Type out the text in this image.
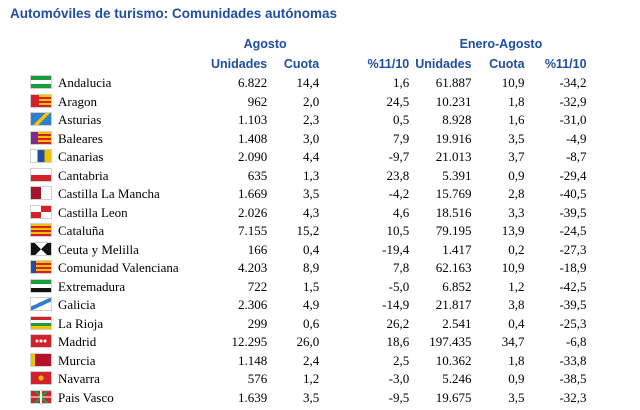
Automóviles de turismo: Comunidades autónomas
	Agosto			Enero-Agosto		
	Unidades	Cuota	%11/10	Unidades	Cuota	%11/10
Andalucia	6.822	14,4	1,6	61.887	10,9	-34,2
Aragon	962	2,0	24,5	10.231	1,8	-32,9
Asturias	1.103	2,3	0,5	8.928	1,6	-31,0
Baleares	1.408	3,0	7,9	19.916	3,5	-4,9
Canarias	2.090	4,4	-9,7	21.013	3,7	-8,7
Cantabria	635	1,3	23,8	5.391	0,9	-29,4
Castilla La Mancha	1.669	3,5	-4,2	15.769	2,8	-40,5
Castilla Leon	2.026	4,3	4,6	18.516	3,3	-39,5
Cataluña	7.155	15,2	10,5	79.195	13,9	-24,5
Ceuta y Melilla	166	0,4	-19,4	1.417	0,2	-27,3
Comunidad Valenciana	4.203	8,9	7,8	62.163	10,9	-18,9
Extremadura	722	1,5	-5,0	6.852	1,2	-42,5
Galicia	2.306	4,9	-14,9	21.817	3,8	-39,5
La Rioja	299	0,6	26,2	2.541	0,4	-25,3
Madrid	12.295	26,0	18,6	197.435	34,7	-6,8
Murcia	1.148	2,4	2,5	10.362	1,8	-33,8
Navarra	576	1,2	-3,0	5.246	0,9	-38,5
Pais Vasco	1.639	3,5	-9,5	19.675	3,5	-32,3
